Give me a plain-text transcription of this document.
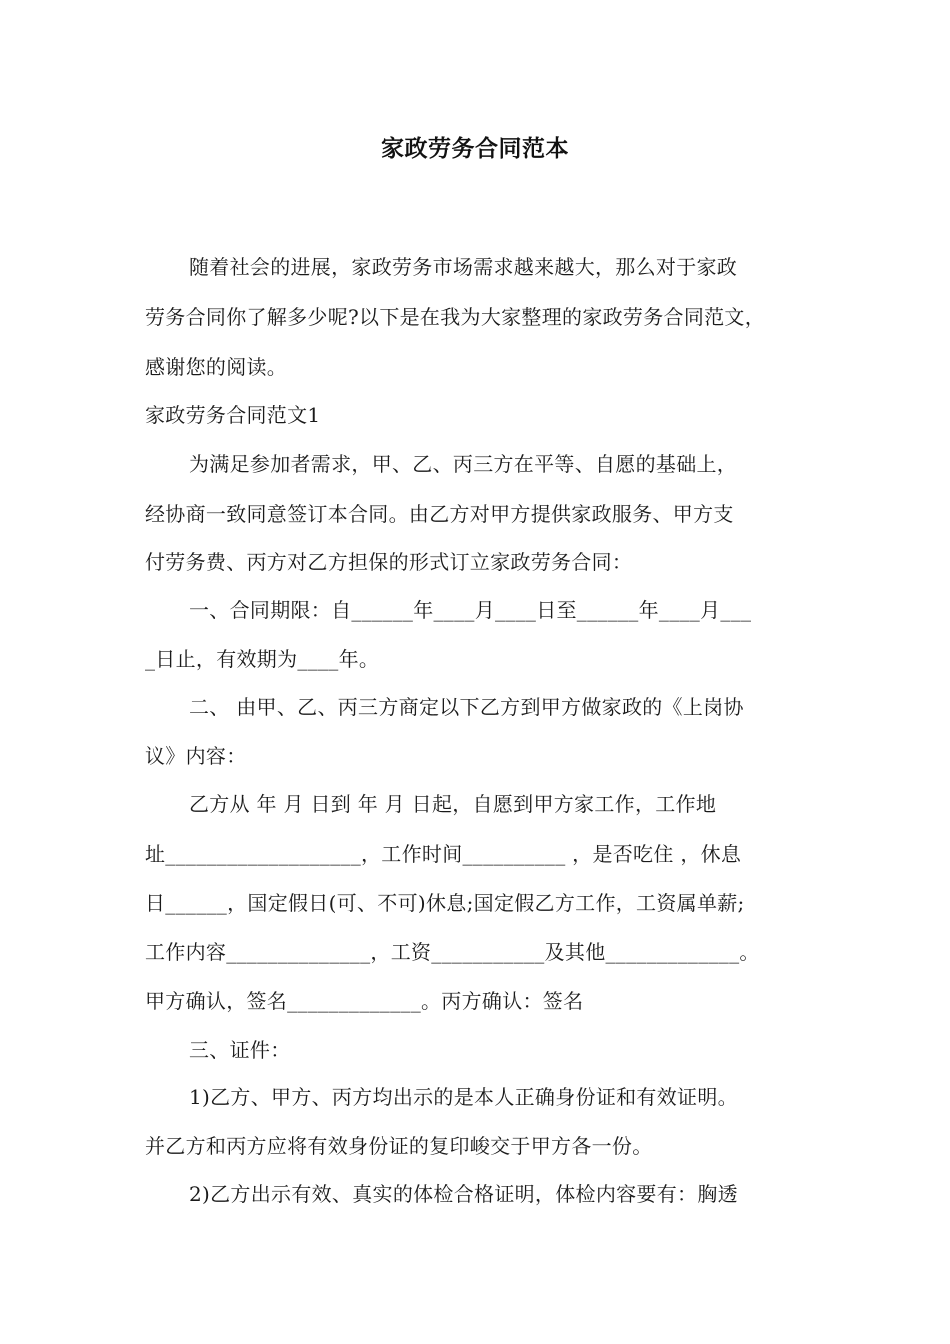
家政劳务合同范本
随着社会的进展，家政劳务市场需求越来越大，那么对于家政
劳务合同你了解多少呢?以下是在我为大家整理的家政劳务合同范文，
感谢您的阅读。
家政劳务合同范文1
为满足参加者需求，甲、乙、丙三方在平等、自愿的基础上，
经协商一致同意签订本合同。由乙方对甲方提供家政服务、甲方支
付劳务费、丙方对乙方担保的形式订立家政劳务合同：
一、合同期限：自______年____月____日至______年____月___
_日止，有效期为____年。
二、 由甲、乙、丙三方商定以下乙方到甲方做家政的《上岗协
议》内容：
乙方从 年 月 日到 年 月 日起，自愿到甲方家工作，工作地
址___________________，工作时间__________ ，是否吃住 ，休息
日______，国定假日(可、不可)休息;国定假乙方工作，工资属单薪;
工作内容______________，工资___________及其他_____________。
甲方确认，签名_____________。丙方确认：签名
三、证件：
1)乙方、甲方、丙方均出示的是本人正确身份证和有效证明。
并乙方和丙方应将有效身份证的复印峻交于甲方各一份。
2)乙方出示有效、真实的体检合格证明，体检内容要有：胸透
